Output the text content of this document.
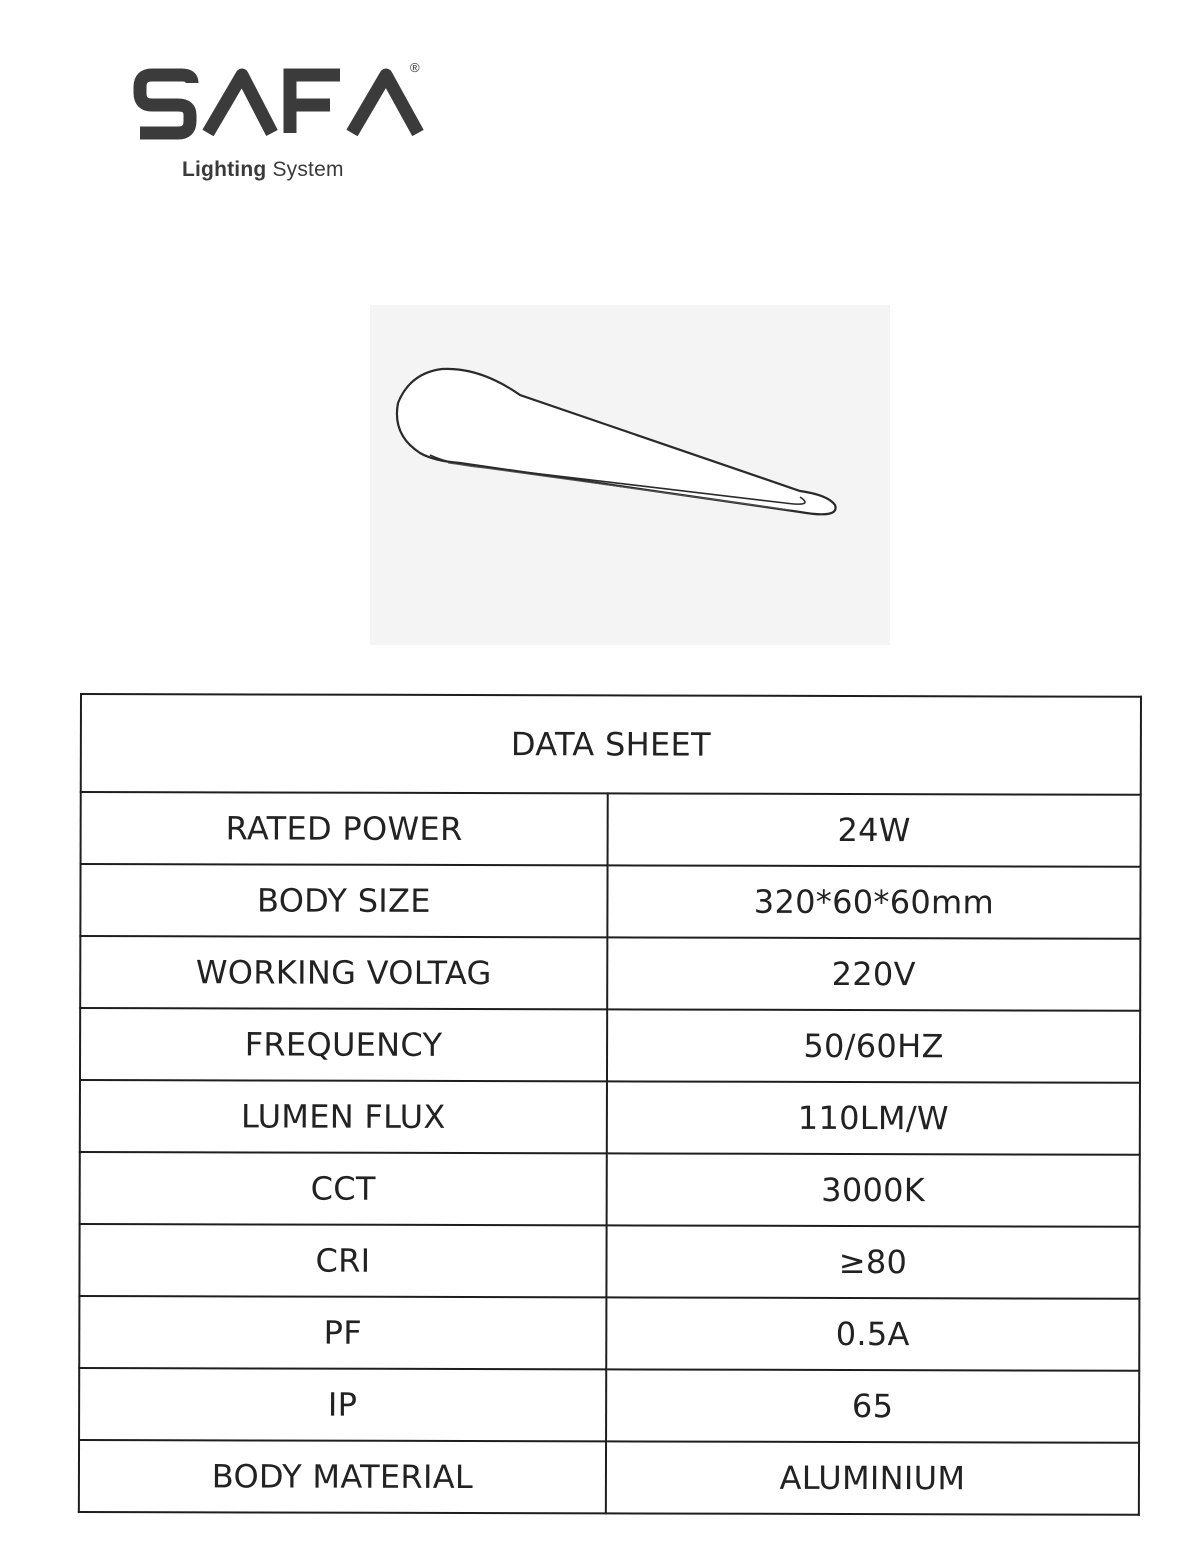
®
Lighting System
DATA SHEET	
RATED POWER	24W
BODY SIZE	320*60*60mm
WORKING VOLTAG	220V
FREQUENCY	50/60HZ
LUMEN FLUX	110LM/W
CCT	3000K
CRI	≥80
PF	0.5A
IP	65
BODY MATERIAL	ALUMINIUM
